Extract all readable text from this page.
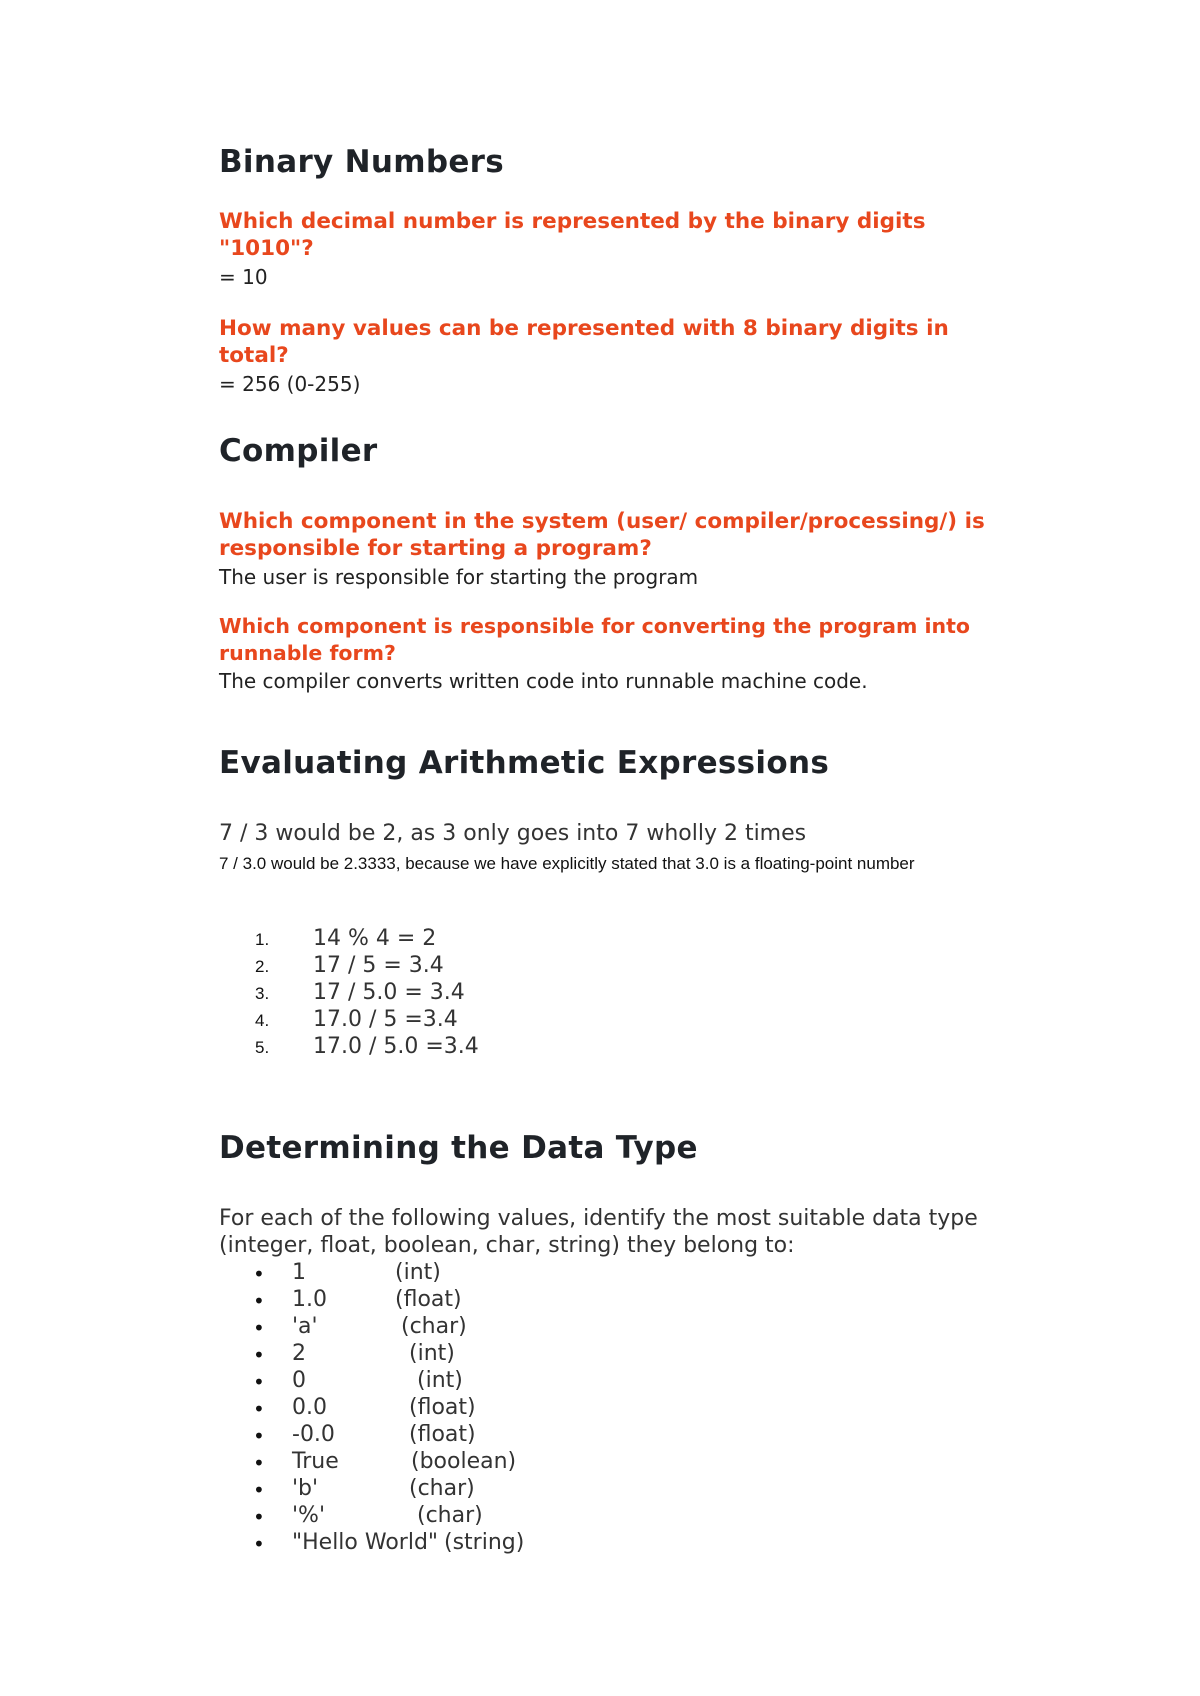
Binary Numbers
Which decimal number is represented by the binary digits "1010"?
= 10
How many values can be represented with 8 binary digits in total?
= 256 (0-255)
Compiler
Which component in the system (user/ compiler/processing/) is responsible for starting a program?
The user is responsible for starting the program
Which component is responsible for converting the program into runnable form?
The compiler converts written code into runnable machine code.
Evaluating Arithmetic Expressions
7 / 3 would be 2, as 3 only goes into 7 wholly 2 times
7 / 3.0 would be 2.3333, because we have explicitly stated that 3.0 is a floating-point number
1. 14 % 4 = 2
2. 17 / 5 = 3.4
3. 17 / 5.0 = 3.4
4. 17.0 / 5 =3.4
5. 17.0 / 5.0 =3.4
Determining the Data Type
For each of the following values, identify the most suitable data type
(integer, float, boolean, char, string) they belong to:
• 1	(int)
• 1.0	(float)
• 'a'	(char)
• 2	(int)
• 0	(int)
• 0.0	(float)
• -0.0	(float)
• True	(boolean)
• 'b'	(char)
• '%'	(char)
• "Hello World" (string)
